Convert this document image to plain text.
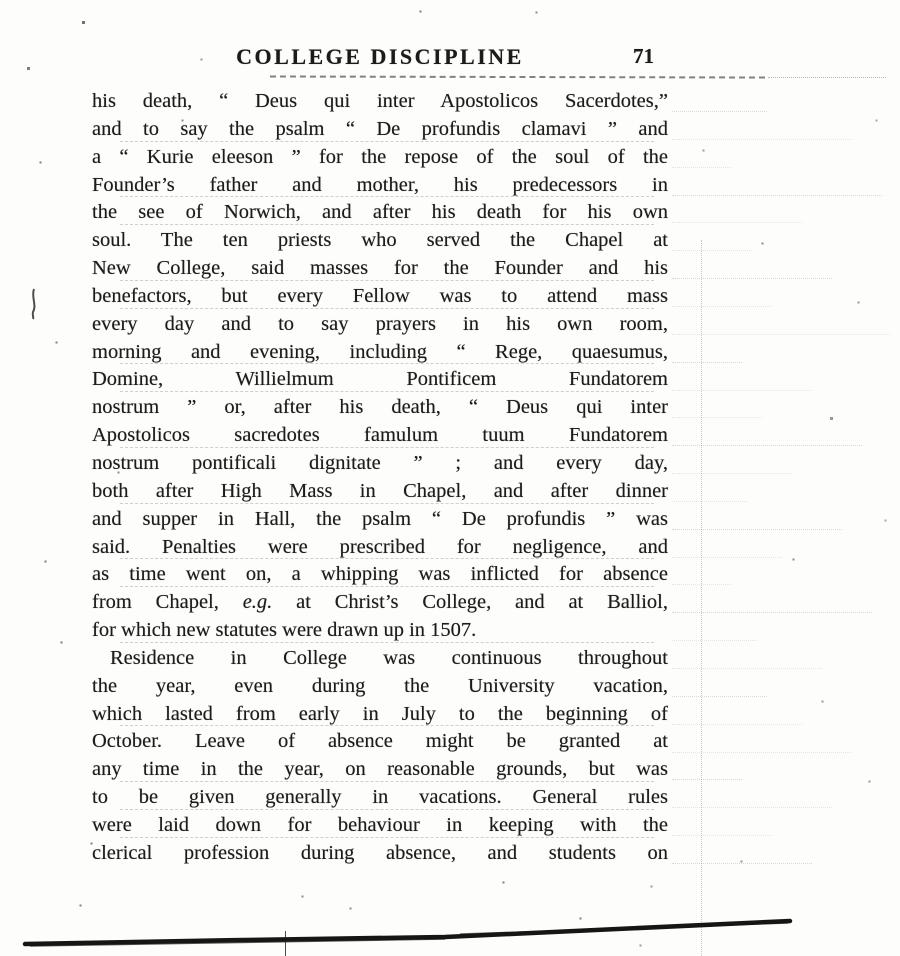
COLLEGE DISCIPLINE	71
his death, “ Deus qui inter Apostolicos Sacerdotes,”
and to say the psalm “ De profundis clamavi ” and
a “ Kurie eleeson ” for the repose of the soul of the
Founder’s father and mother, his predecessors in
the see of Norwich, and after his death for his own
soul. The ten priests who served the Chapel at
New College, said masses for the Founder and his
benefactors, but every Fellow was to attend mass
every day and to say prayers in his own room,
morning and evening, including “ Rege, quaesumus,
Domine, Willielmum Pontificem Fundatorem
nostrum ” or, after his death, “ Deus qui inter
Apostolicos sacredotes famulum tuum Fundatorem
nostrum pontificali dignitate ” ; and every day,
both after High Mass in Chapel, and after dinner
and supper in Hall, the psalm “ De profundis ” was
said. Penalties were prescribed for negligence, and
as time went on, a whipping was inflicted for absence
from Chapel, e.g. at Christ’s College, and at Balliol,
for which new statutes were drawn up in 1507.
Residence in College was continuous throughout
the year, even during the University vacation,
which lasted from early in July to the beginning of
October. Leave of absence might be granted at
any time in the year, on reasonable grounds, but was
to be given generally in vacations. General rules
were laid down for behaviour in keeping with the
clerical profession during absence, and students on
